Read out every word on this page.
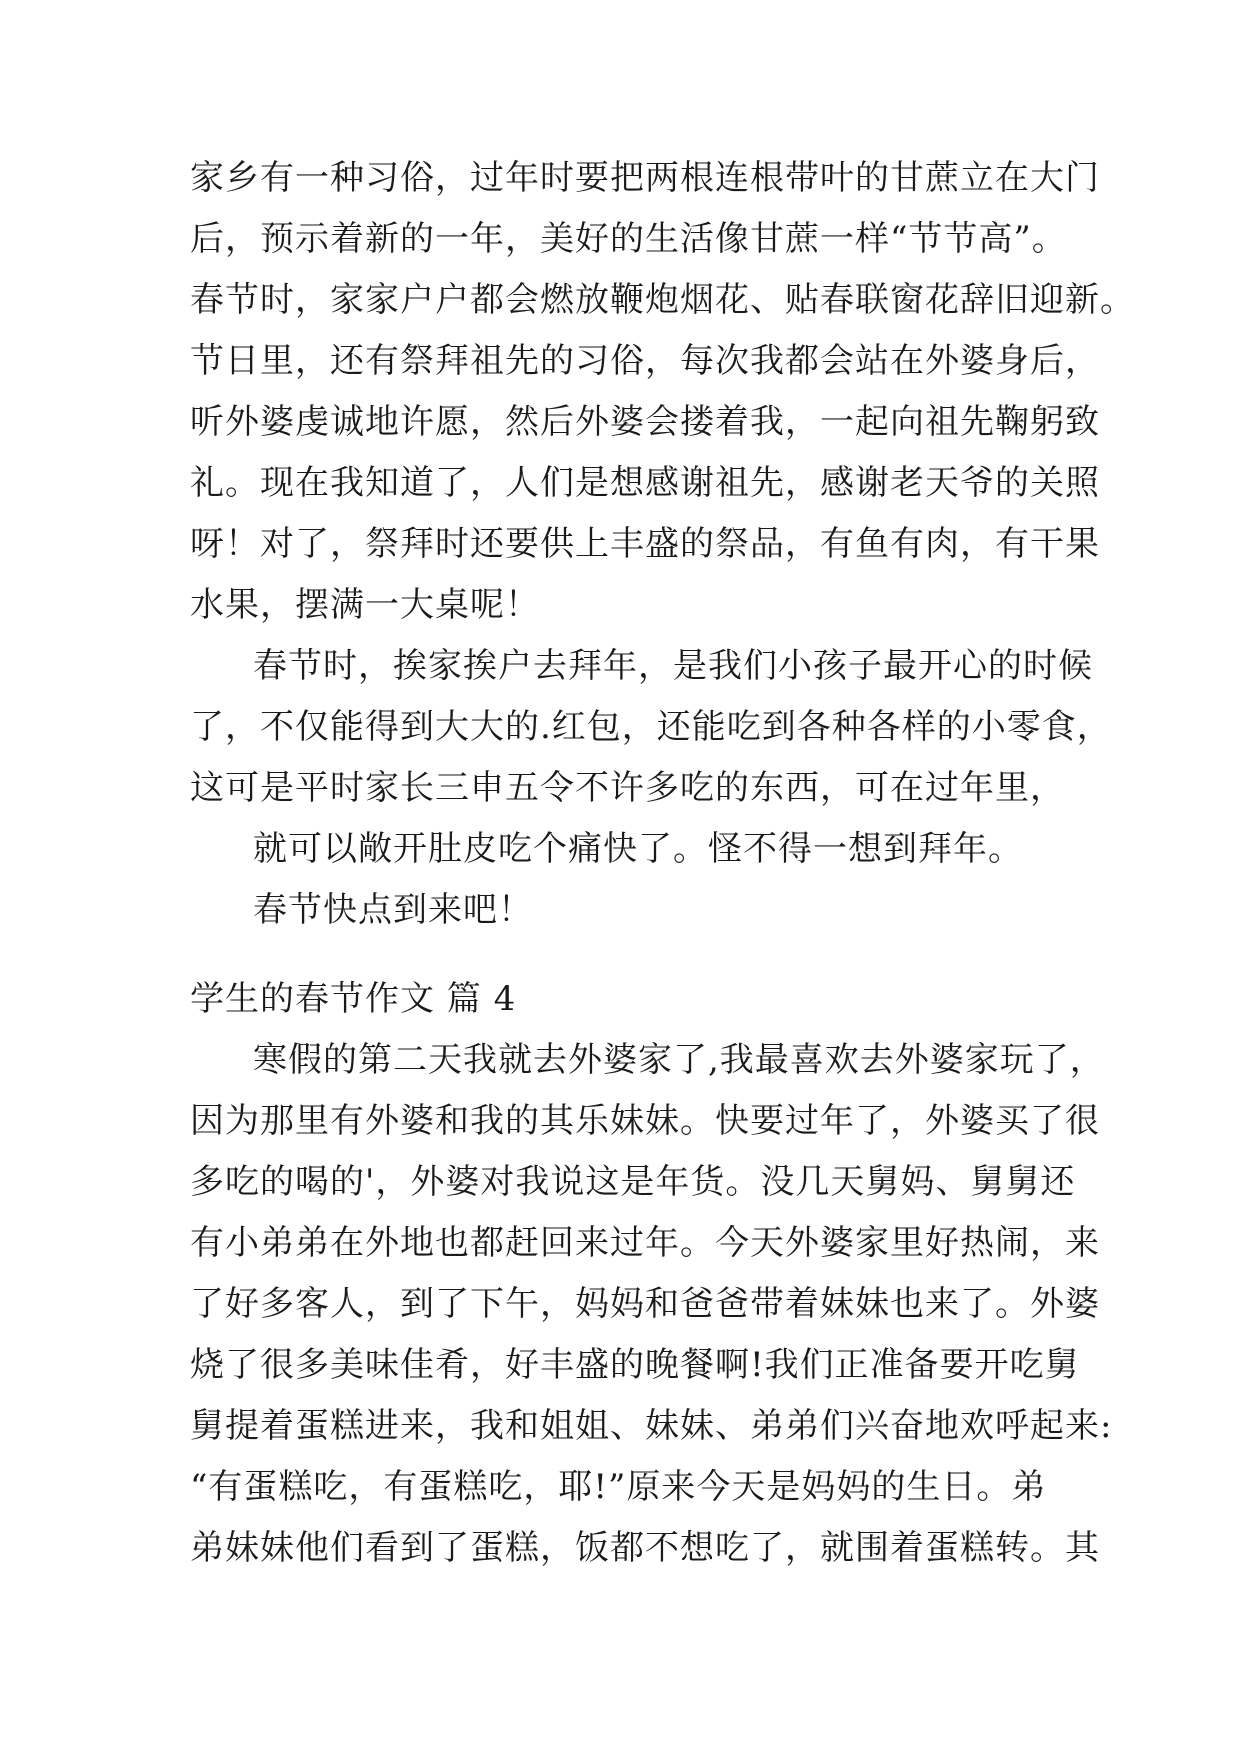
家乡有一种习俗，过年时要把两根连根带叶的甘蔗立在大门
后，预示着新的一年，美好的生活像甘蔗一样“节节高”。
春节时，家家户户都会燃放鞭炮烟花、贴春联窗花辞旧迎新。
节日里，还有祭拜祖先的习俗，每次我都会站在外婆身后，
听外婆虔诚地许愿，然后外婆会搂着我，一起向祖先鞠躬致
礼。现在我知道了，人们是想感谢祖先，感谢老天爷的关照
呀！对了，祭拜时还要供上丰盛的祭品，有鱼有肉，有干果
水果，摆满一大桌呢！
春节时，挨家挨户去拜年，是我们小孩子最开心的时候
了，不仅能得到大大的.红包，还能吃到各种各样的小零食，
这可是平时家长三申五令不许多吃的东西，可在过年里，
就可以敞开肚皮吃个痛快了。怪不得一想到拜年。
春节快点到来吧！
学生的春节作文 篇 4
寒假的第二天我就去外婆家了,我最喜欢去外婆家玩了，
因为那里有外婆和我的其乐妹妹。快要过年了，外婆买了很
多吃的喝的'，外婆对我说这是年货。没几天舅妈、舅舅还
有小弟弟在外地也都赶回来过年。今天外婆家里好热闹，来
了好多客人，到了下午，妈妈和爸爸带着妹妹也来了。外婆
烧了很多美味佳肴，好丰盛的晚餐啊!我们正准备要开吃舅
舅提着蛋糕进来，我和姐姐、妹妹、弟弟们兴奋地欢呼起来:
“有蛋糕吃，有蛋糕吃，耶!”原来今天是妈妈的生日。弟
弟妹妹他们看到了蛋糕，饭都不想吃了，就围着蛋糕转。其
